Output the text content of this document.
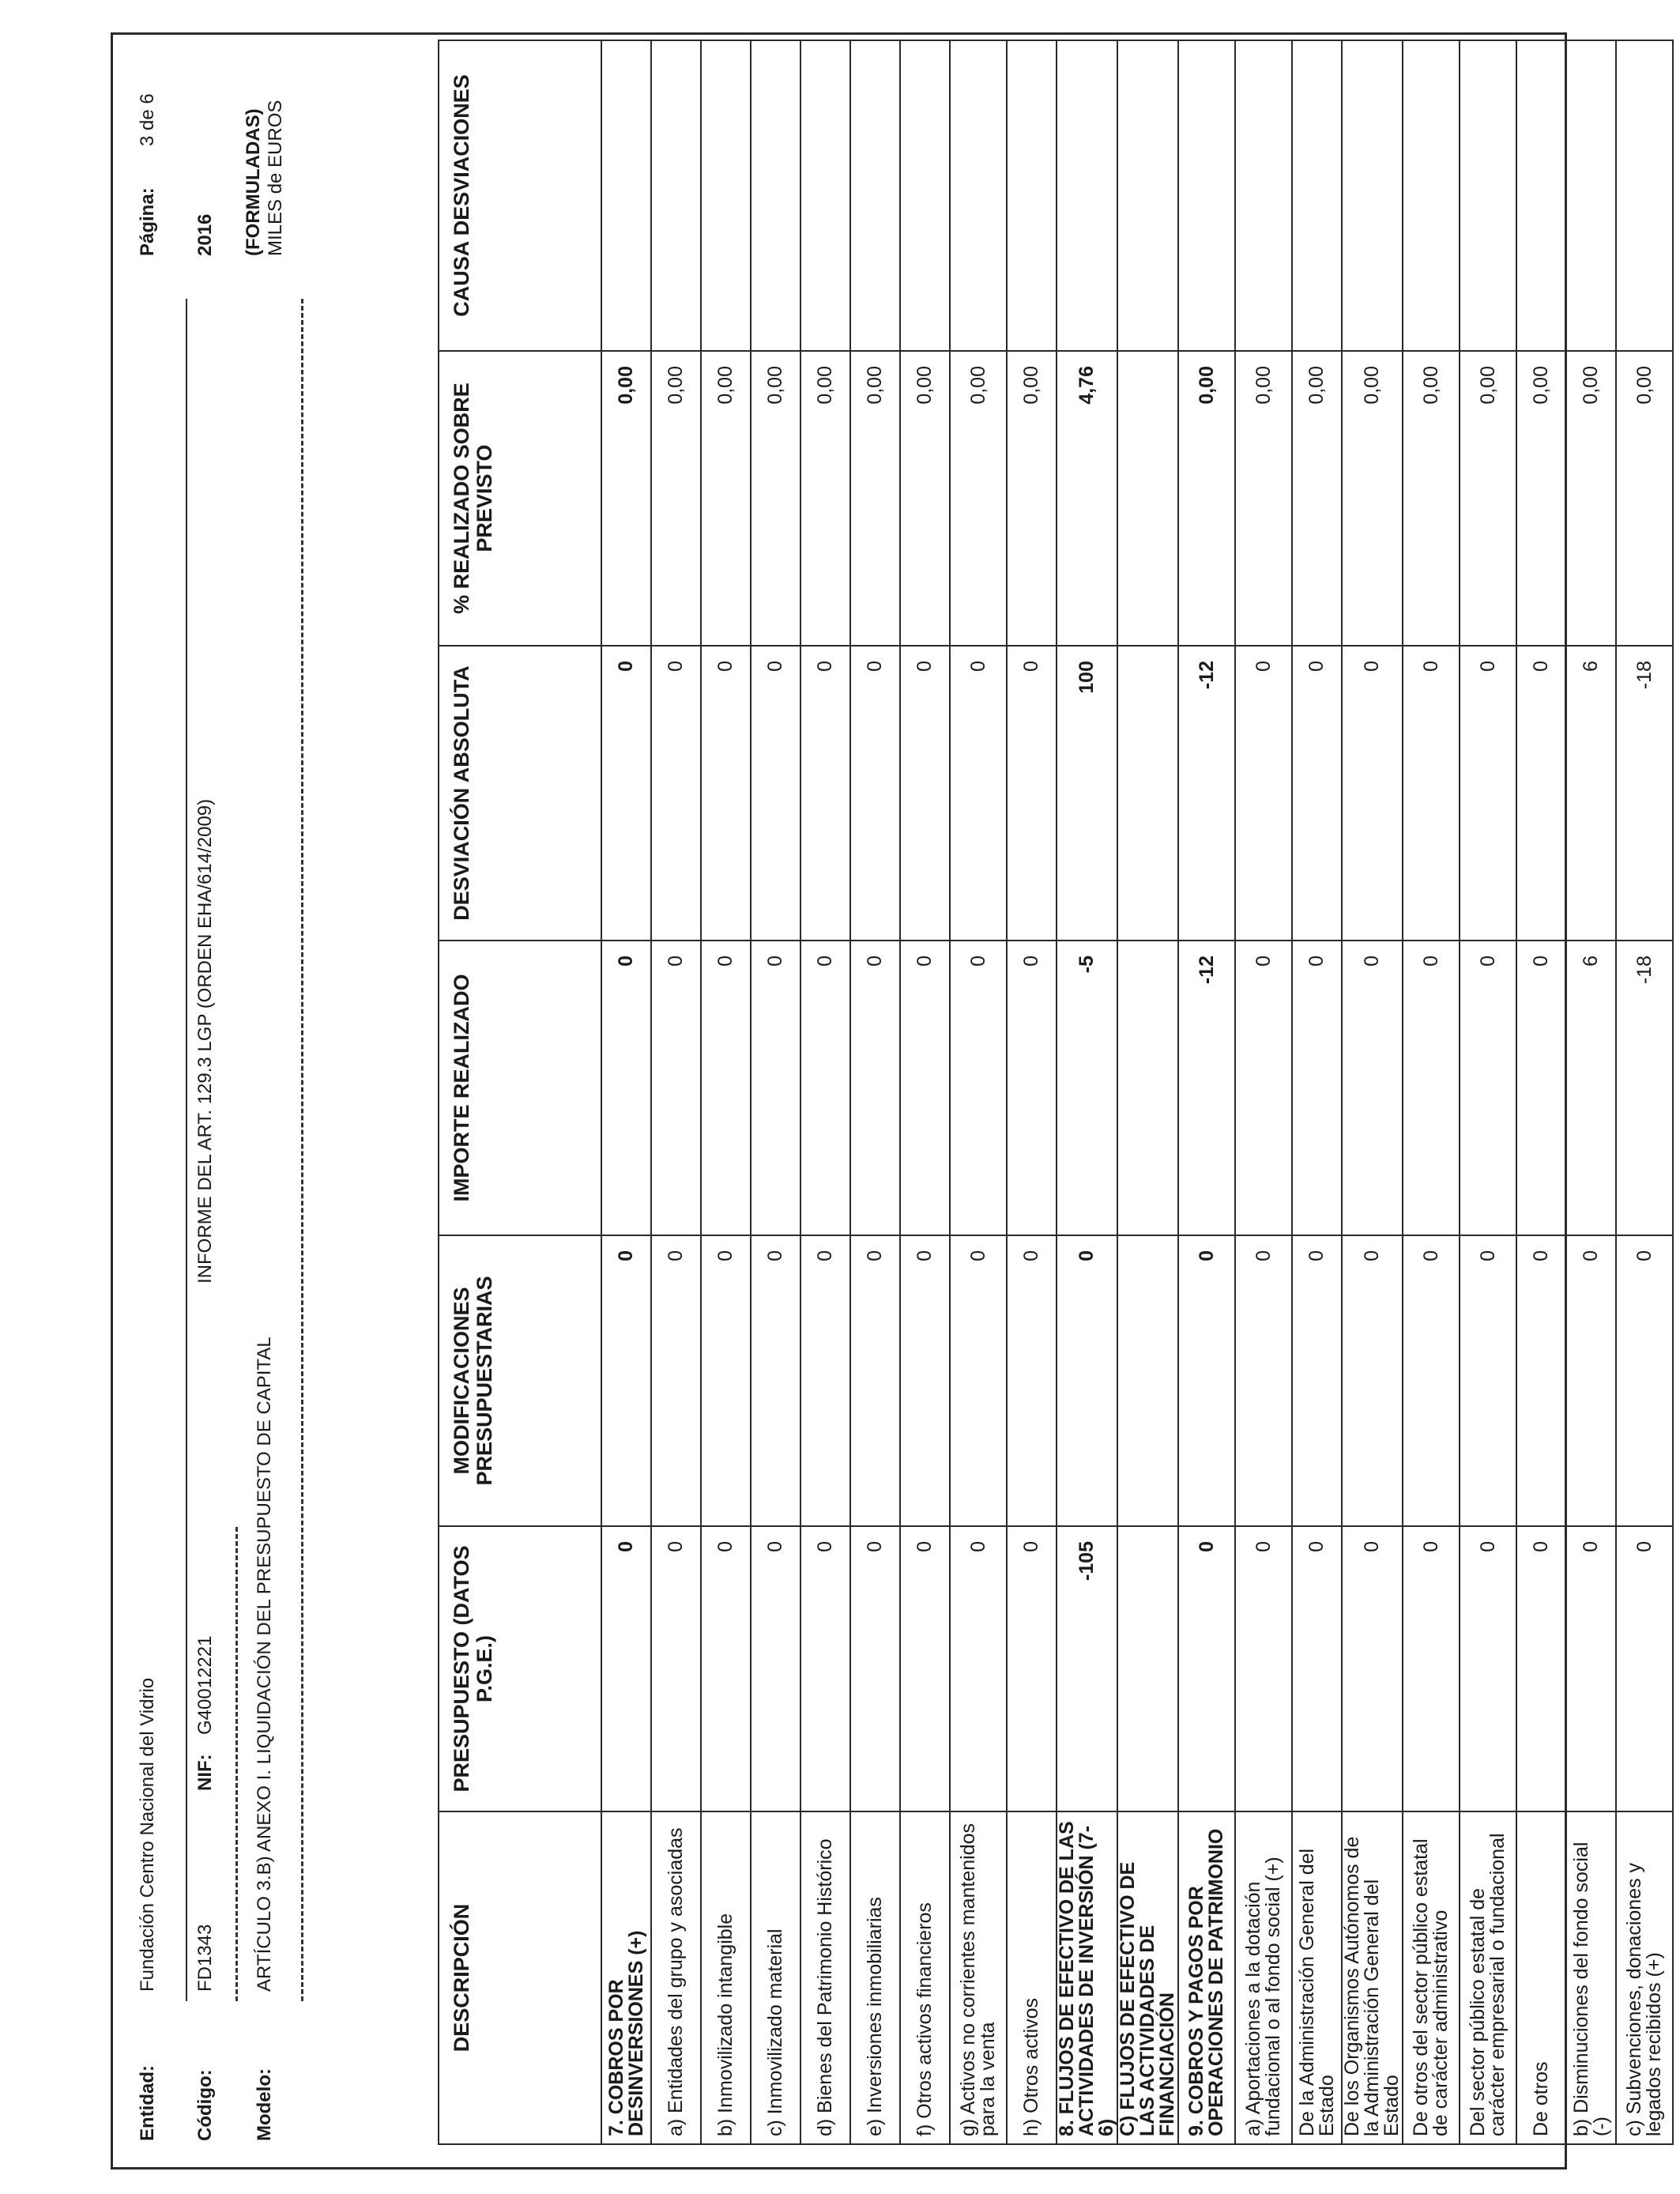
Entidad:
Fundación Centro Nacional del Vidrio
Página:
3 de 6
Código:
FD1343
NIF:
G40012221
INFORME DEL ART. 129.3 LGP (ORDEN EHA/614/2009)
2016
Modelo:
ARTÍCULO 3.B) ANEXO I. LIQUIDACIÓN DEL PRESUPUESTO DE CAPITAL
(FORMULADAS) MILES de EUROS
DESCRIPCIÓN	PRESUPUESTO (DATOS P.G.E.)	MODIFICACIONES PRESUPUESTARIAS	IMPORTE REALIZADO	DESVIACIÓN ABSOLUTA	% REALIZADO SOBRE PREVISTO	CAUSA DESVIACIONES
7. COBROS POR DESINVERSIONES (+)	0	0	0	0	0,00	
a) Entidades del grupo y asociadas	0	0	0	0	0,00	
b) Inmovilizado intangible	0	0	0	0	0,00	
c) Inmovilizado material	0	0	0	0	0,00	
d) Bienes del Patrimonio Histórico	0	0	0	0	0,00	
e) Inversiones inmobiliarias	0	0	0	0	0,00	
f) Otros activos financieros	0	0	0	0	0,00	
g) Activos no corrientes mantenidos para la venta	0	0	0	0	0,00	
h) Otros activos	0	0	0	0	0,00	
8. FLUJOS DE EFECTIVO DE LAS ACTIVIDADES DE INVERSIÓN (7-6)	-105	0	-5	100	4,76	
C) FLUJOS DE EFECTIVO DE LAS ACTIVIDADES DE FINANCIACIÓN						
9. COBROS Y PAGOS POR OPERACIONES DE PATRIMONIO	0	0	-12	-12	0,00	
a) Aportaciones a la dotación fundacional o al fondo social (+)	0	0	0	0	0,00	
De la Administración General del Estado	0	0	0	0	0,00	
De los Organismos Autónomos de la Administración General del Estado	0	0	0	0	0,00	
De otros del sector público estatal de carácter administrativo	0	0	0	0	0,00	
Del sector público estatal de carácter empresarial o fundacional	0	0	0	0	0,00	
De otros	0	0	0	0	0,00	
b) Disminuciones del fondo social (-)	0	0	6	6	0,00	
c) Subvenciones, donaciones y legados recibidos (+)	0	0	-18	-18	0,00	
